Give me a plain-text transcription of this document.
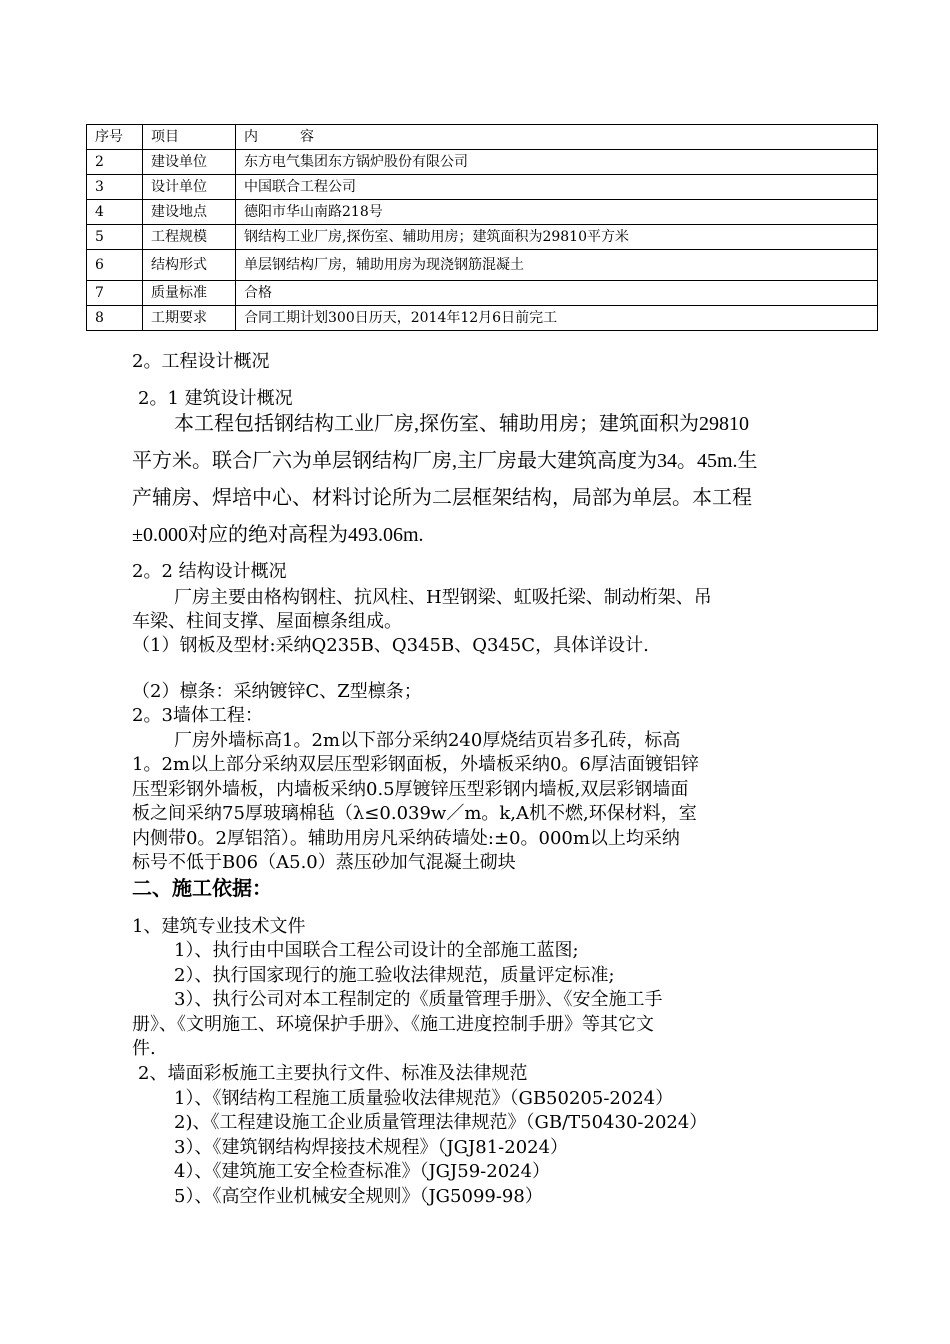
序号	项目	内　　　容
2	建设单位	东方电气集团东方锅炉股份有限公司
3	设计单位	中国联合工程公司
4	建设地点	德阳市华山南路218号
5	工程规模	钢结构工业厂房,探伤室、辅助用房；建筑面积为29810平方米
6	结构形式	单层钢结构厂房，辅助用房为现浇钢筋混凝土
7	质量标准	合格
8	工期要求	合同工期计划300日历天，2014年12月6日前完工
2。工程设计概况
2。1 建筑设计概况
本工程包括钢结构工业厂房,探伤室、辅助用房；建筑面积为29810
平方米。联合厂六为单层钢结构厂房,主厂房最大建筑高度为34。45m.生
产辅房、焊培中心、材料讨论所为二层框架结构，局部为单层。本工程
±0.000对应的绝对高程为493.06m.
2。2 结构设计概况
厂房主要由格构钢柱、抗风柱、H型钢梁、虹吸托梁、制动桁架、吊
车梁、柱间支撑、屋面檩条组成。
（1）钢板及型材:采纳Q235B、Q345B、Q345C，具体详设计.
（2）檩条：采纳镀锌C、Z型檩条；
2。3墙体工程：
厂房外墙标高1。2m以下部分采纳240厚烧结页岩多孔砖，标高
1。2m以上部分采纳双层压型彩钢面板，外墙板采纳0。6厚洁面镀铝锌
压型彩钢外墙板，内墙板采纳0.5厚镀锌压型彩钢内墙板,双层彩钢墙面
板之间采纳75厚玻璃棉毡（λ≤0.039w／m。k,A机不燃,环保材料，室
内侧带0。2厚铝箔）。辅助用房凡采纳砖墙处:±0。000m以上均采纳
标号不低于B06（A5.0）蒸压砂加气混凝土砌块
二、施工依据：
1、建筑专业技术文件
1）、执行由中国联合工程公司设计的全部施工蓝图;
2）、执行国家现行的施工验收法律规范，质量评定标准;
3）、执行公司对本工程制定的《质量管理手册》、《安全施工手
册》、《文明施工、环境保护手册》、《施工进度控制手册》等其它文
件.
2、墙面彩板施工主要执行文件、标准及法律规范
1）、《钢结构工程施工质量验收法律规范》（GB50205-2024）
2)、《工程建设施工企业质量管理法律规范》（GB/T50430-2024）
3）、《建筑钢结构焊接技术规程》（JGJ81-2024）
4）、《建筑施工安全检查标准》（JGJ59-2024）
5）、《高空作业机械安全规则》（JG5099-98）
